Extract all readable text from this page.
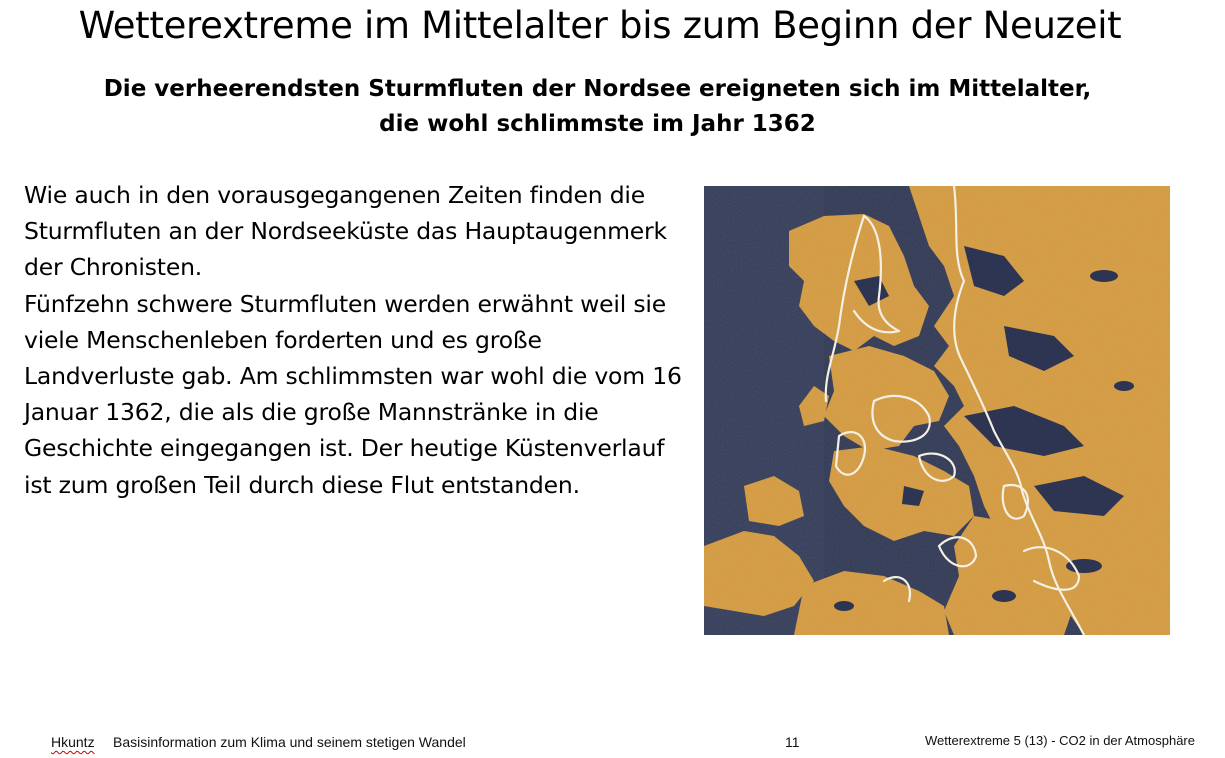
Wetterextreme im Mittelalter bis zum Beginn der Neuzeit
Die verheerendsten Sturmfluten der Nordsee ereigneten sich im Mittelalter,
die wohl schlimmste im Jahr 1362

Wie auch in den vorausgegangenen Zeiten finden die Sturmfluten an der Nordseeküste das Hauptaugenmerk der Chronisten.

Fünfzehn schwere Sturmfluten werden erwähnt weil sie viele Menschenleben forderten und es große Landverluste gab. Am schlimmsten war wohl die vom 16 Januar 1362, die als die große Mannstränke in die Geschichte eingegangen ist. Der heutige Küstenverlauf ist zum großen Teil durch diese Flut entstanden.

Hkuntz Basisinformation zum Klima und seinem stetigen Wandel	11	Wetterextreme 5 (13) - CO2 in der Atmosphäre
